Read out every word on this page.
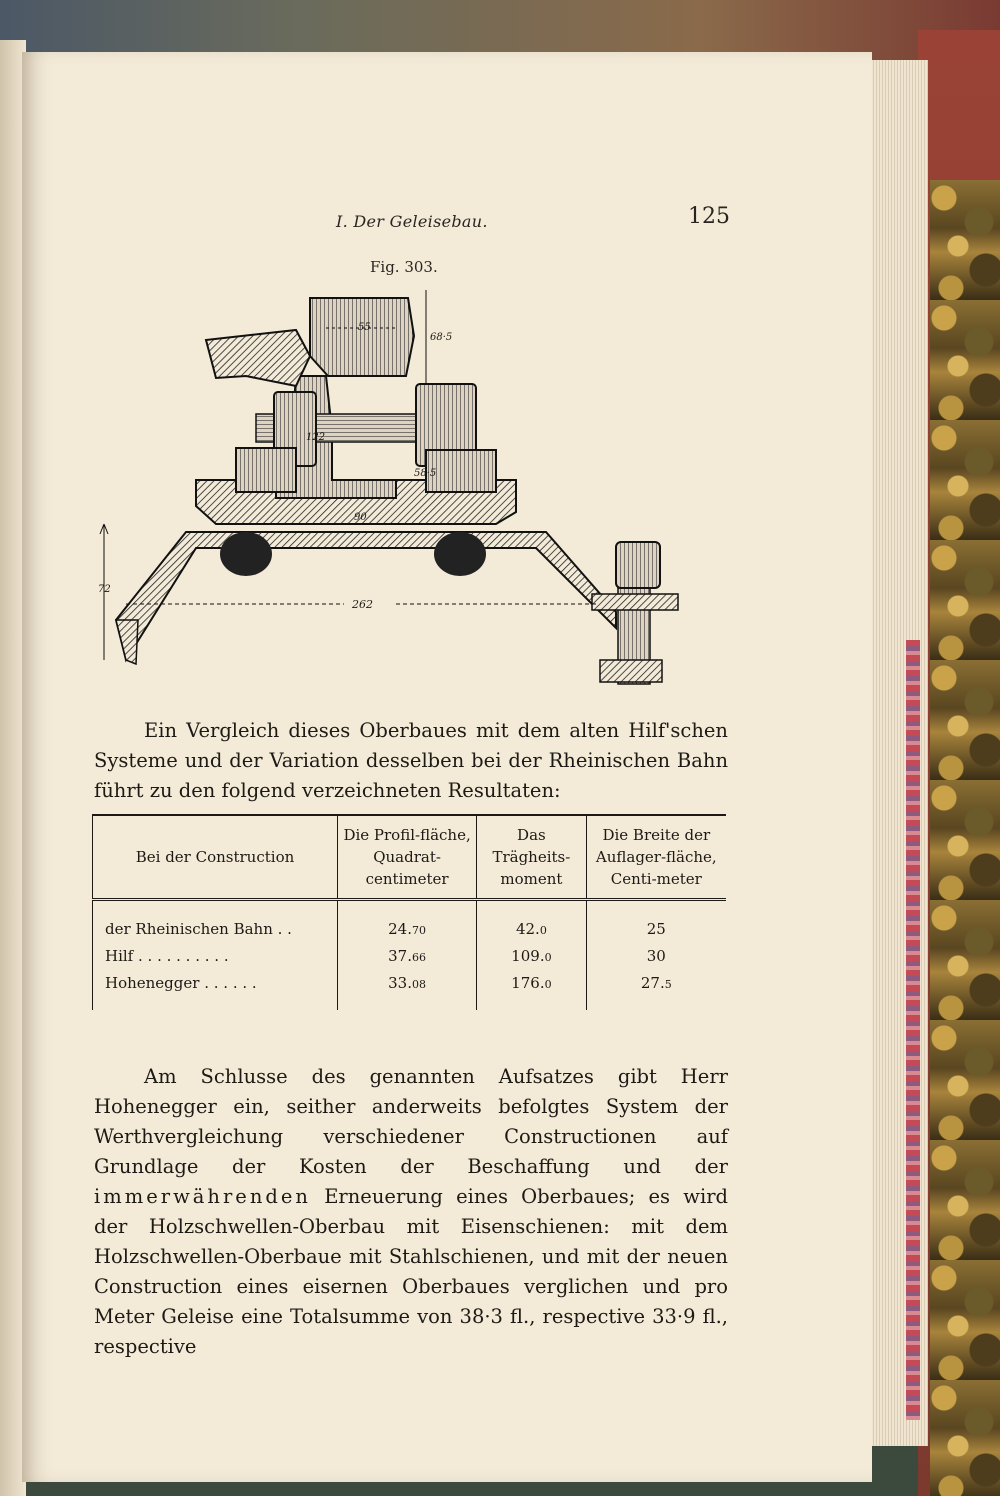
I. Der Geleisebau.	125
Fig. 303.
55
68·5
122
58·5
90
262
72
Ein Vergleich dieses Oberbaues mit dem alten Hilf'schen Systeme und der Variation desselben bei der Rheinischen Bahn führt zu den folgend verzeichneten Resultaten:
Bei der Construction	Die Profil-fläche, Quadrat-centimeter	Das Trägheits-moment	Die Breite der Auflager-fläche, Centi-meter
der Rheinischen Bahn . .	24.70	42.0	25
Hilf . . . . . . . . . .	37.66	109.0	30
Hohenegger . . . . . .	33.08	176.0	27.5
Am Schlusse des genannten Aufsatzes gibt Herr Hohenegger ein, seither anderweits befolgtes System der Werthvergleichung verschiedener Constructionen auf Grundlage der Kosten der Beschaffung und der immerwährenden Erneuerung eines Oberbaues; es wird der Holzschwellen-Oberbau mit Eisenschienen: mit dem Holzschwellen-Oberbaue mit Stahlschienen, und mit der neuen Construction eines eisernen Oberbaues verglichen und pro Meter Geleise eine Totalsumme von 38·3 fl., respective 33·9 fl., respective
